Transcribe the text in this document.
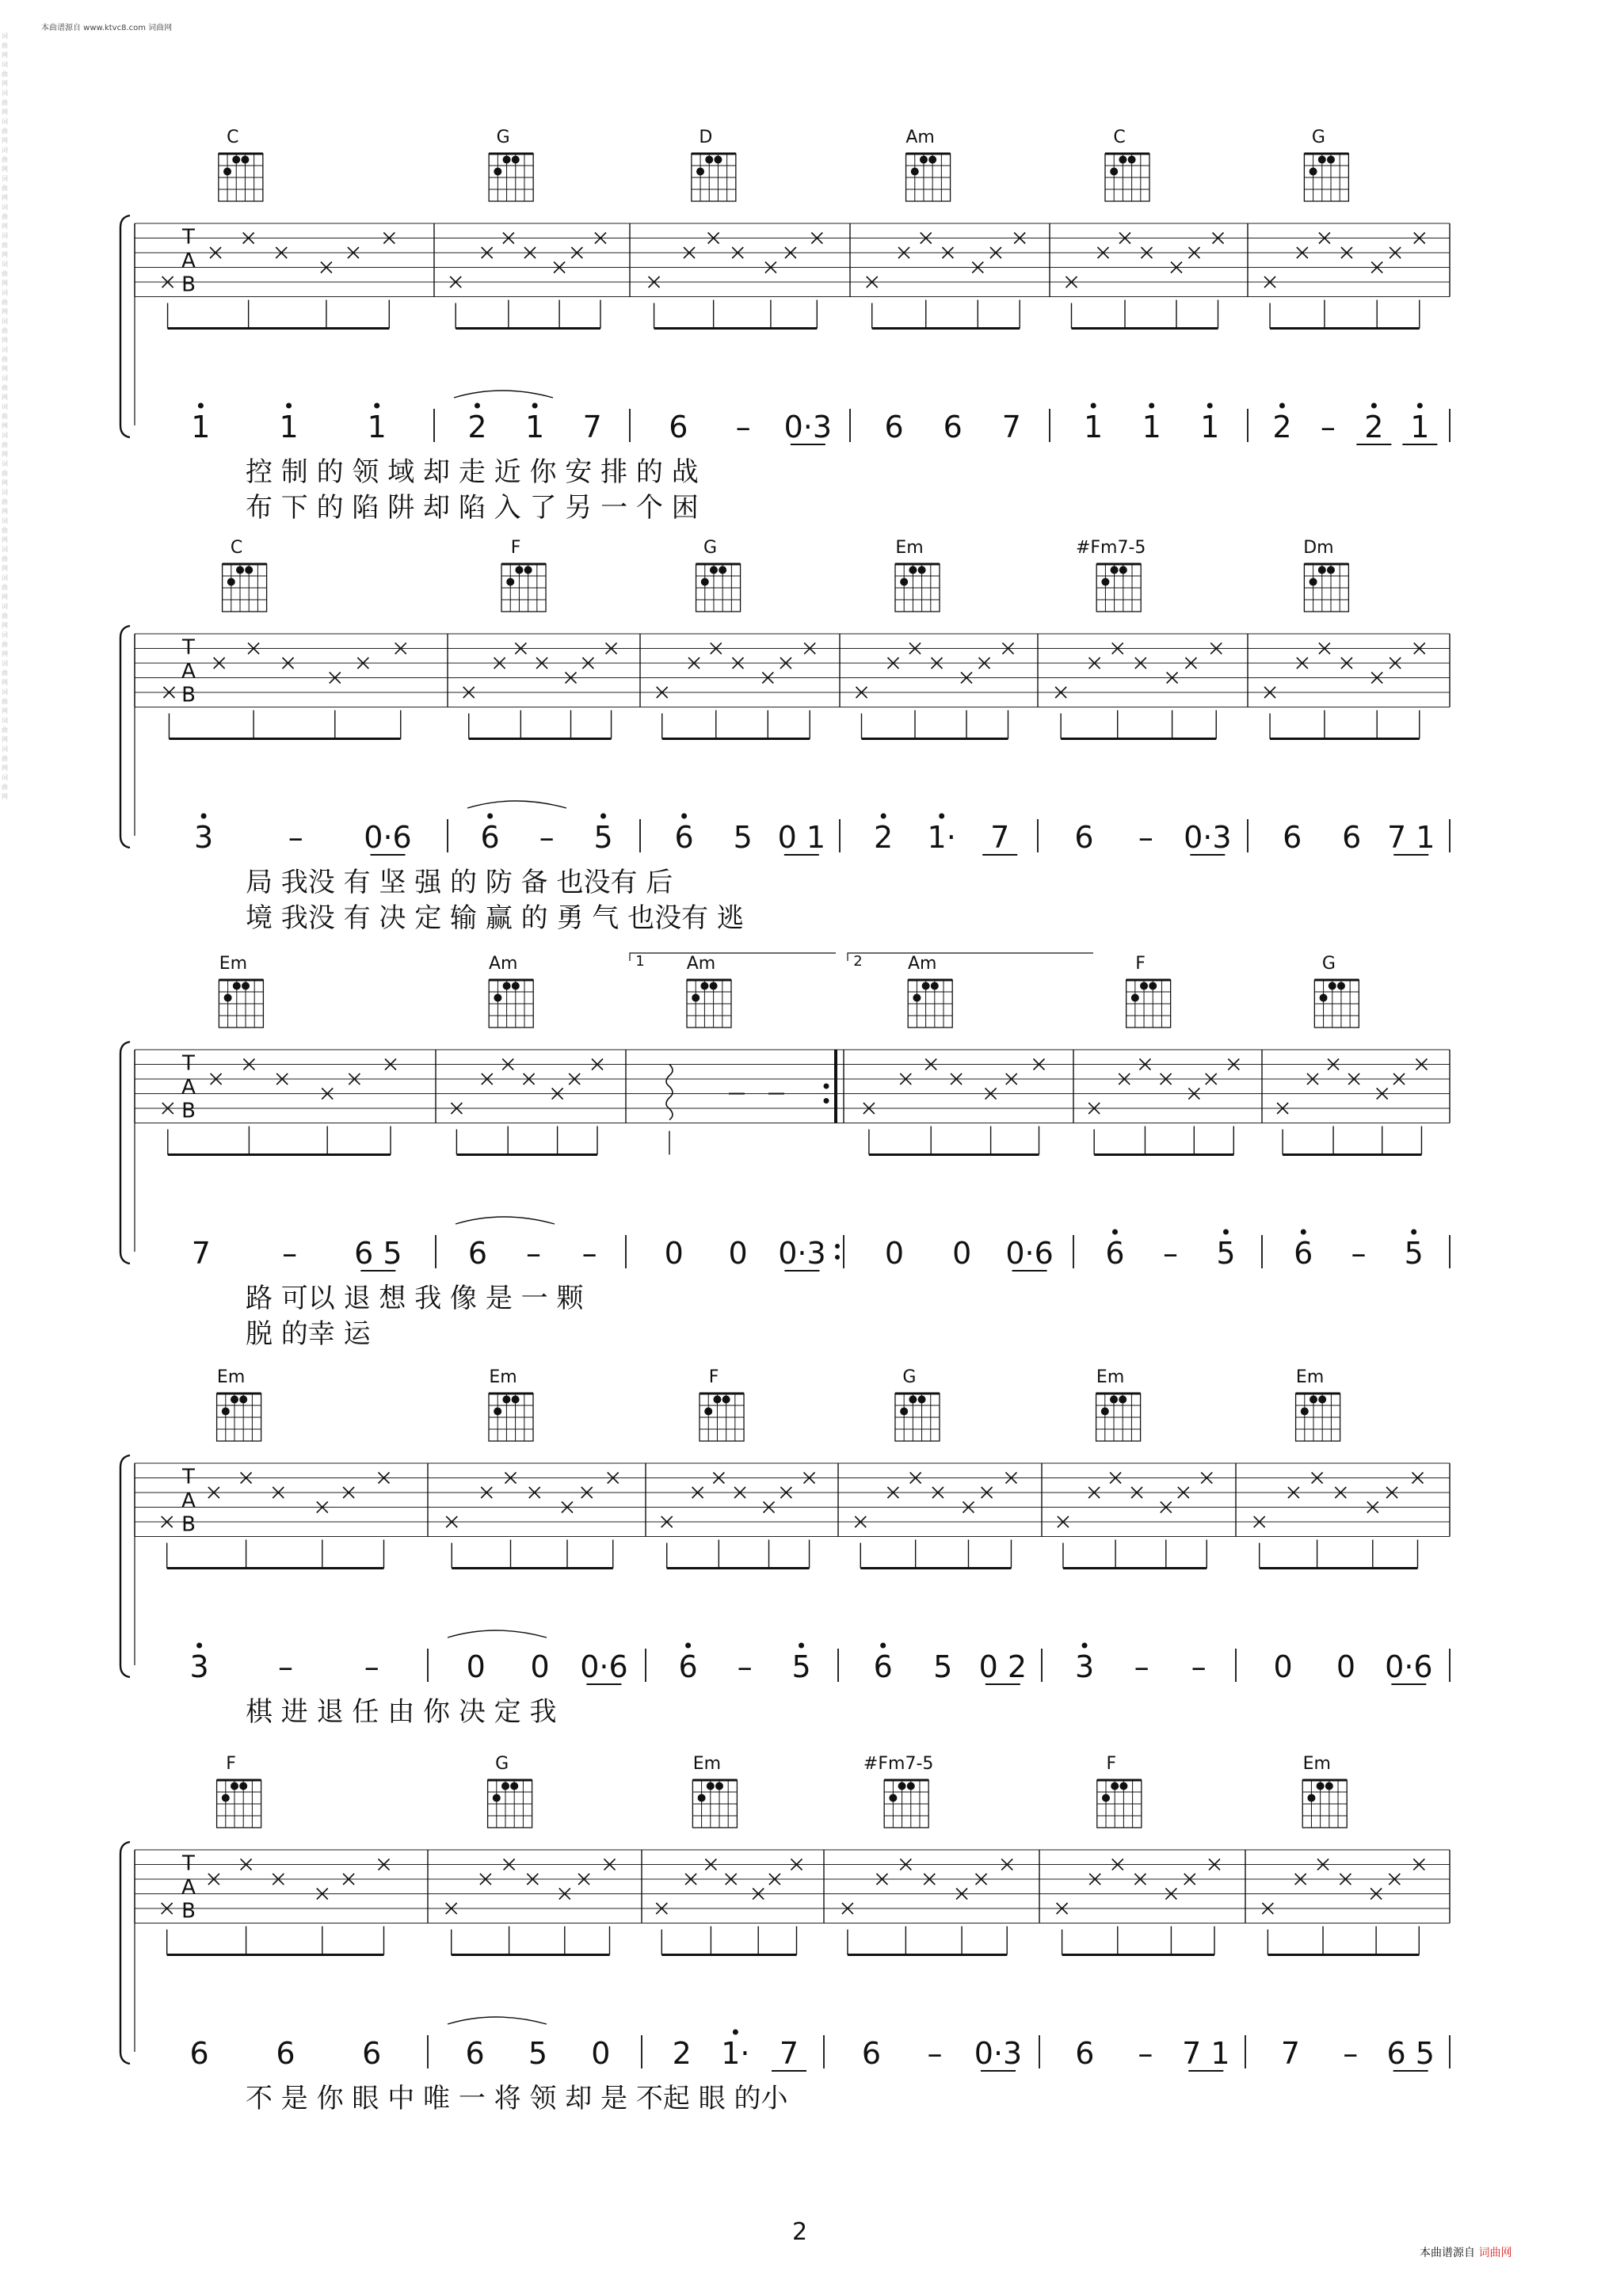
本曲谱源自 www.ktvc8.com 词曲网
词曲网词曲网词曲网词曲网词曲网词曲网词曲网词曲网词曲网词曲网词曲网词曲网词曲网词曲网词曲网词曲网词曲网词曲网词曲网词曲网词曲网词曲网词曲网词曲网词曲网词曲网词曲网
T
A
B
C	G	D	Am	C	G
1 1 1	2 1 7 6 – 0·3 6 6 7 1 1 1 2 – 2 1
控 制 的 领 域 却 走 近 你 安 排 的 战
布 下 的 陷 阱 却 陷 入 了 另 一 个 困
T
A
B
C	F	G	Em	#Fm7-5	Dm
3 – 0·6 6 – 5 6 5 0 1 2 1· 7 6 – 0·3 6 6 7 1
局 我没 有 坚 强 的 防 备 也没有 后
境 我没 有 决 定 输 赢 的 勇 气 也没有 逃
T
A
B
Em	Am	Am	Am	F	G
1	2
7 – 6 5 6 – – 0 0 0·3 0 0 0·6 6 – 5 6 – 5
路 可以 退 想 我 像 是 一 颗
脱 的幸 运
T
A
B
Em	Em	F	G	Em	Em
3 – –	0 0 0·6 6 – 5 6 5 0 2 3 – – 0 0 0·6
棋 进 退 任 由 你 决 定 我
T
A
B
F	G	Em	#Fm7-5	F	Em
6 6 6	6 5 0 2 1· 7 6 – 0·3 6 – 7 1 7 – 6 5
不 是 你 眼 中 唯 一 将 领 却 是 不起 眼 的小
2
本曲谱源自 词曲网
